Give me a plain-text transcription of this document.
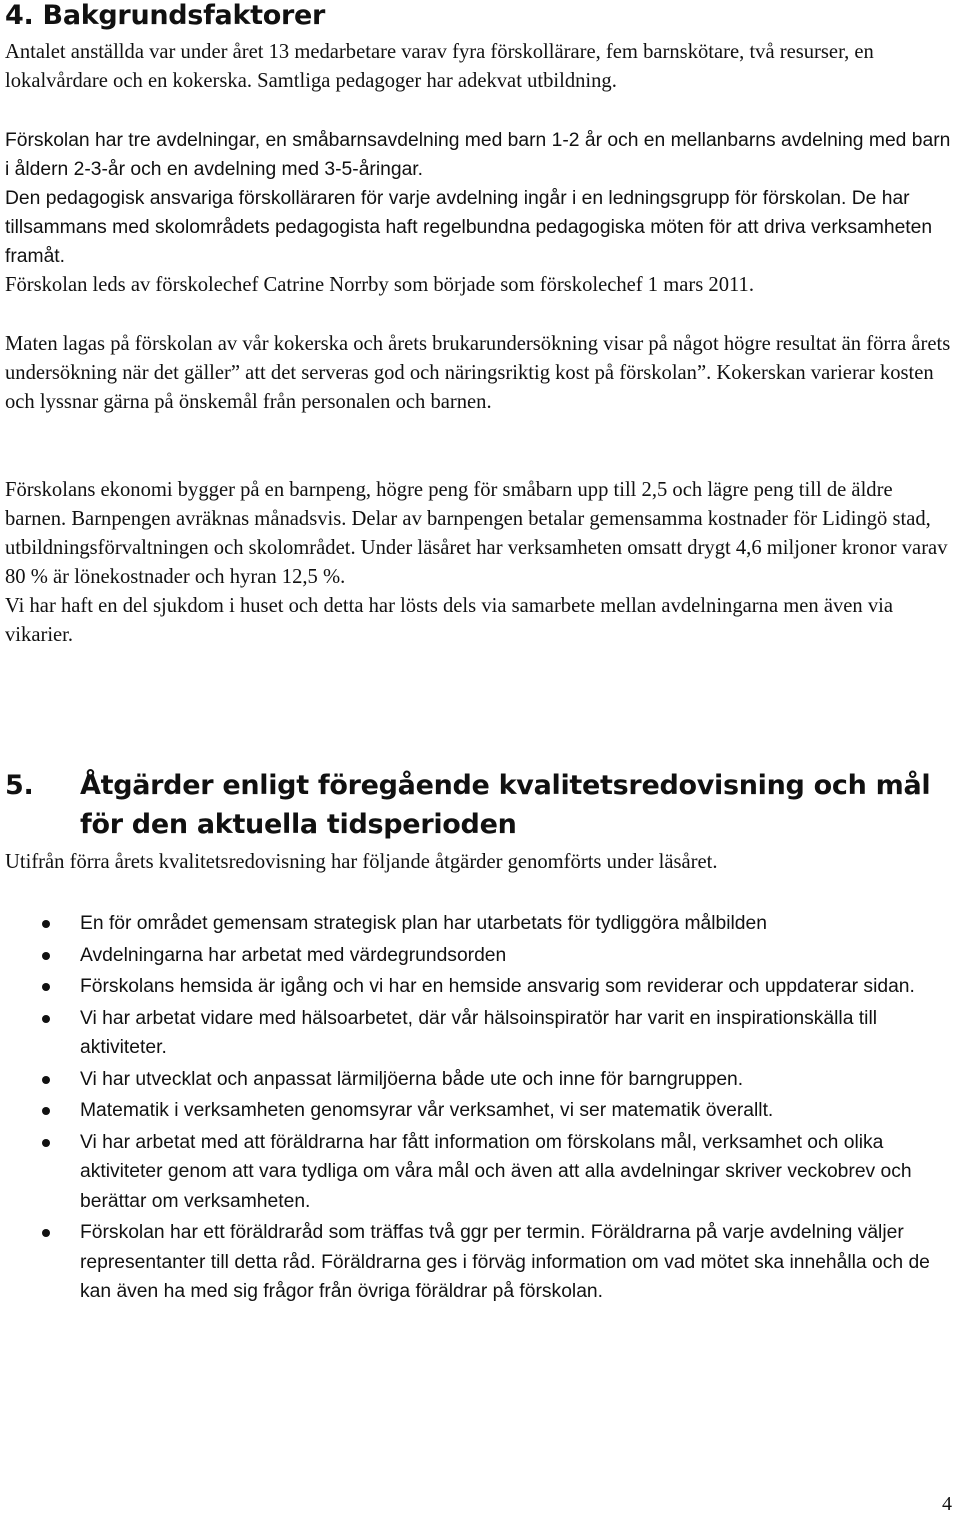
4. Bakgrundsfaktorer

Antalet anställda var under året 13 medarbetare varav fyra förskollärare, fem barnskötare, två resurser, en lokalvårdare och en kokerska. Samtliga pedagoger har adekvat utbildning.

Förskolan har tre avdelningar, en småbarnsavdelning med barn 1-2 år och en mellanbarns avdelning med barn i åldern 2-3-år och en avdelning med 3-5-åringar.

Den pedagogisk ansvariga förskolläraren för varje avdelning ingår i en ledningsgrupp för förskolan. De har tillsammans med skolområdets pedagogista haft regelbundna pedagogiska möten för att driva verksamheten framåt.

Förskolan leds av förskolechef Catrine Norrby som började som förskolechef 1 mars 2011.

Maten lagas på förskolan av vår kokerska och årets brukarundersökning visar på något högre resultat än förra årets undersökning när det gäller” att det serveras god och näringsriktig kost på förskolan”. Kokerskan varierar kosten och lyssnar gärna på önskemål från personalen och barnen.

Förskolans ekonomi bygger på en barnpeng, högre peng för småbarn upp till 2,5 och lägre peng till de äldre barnen. Barnpengen avräknas månadsvis. Delar av barnpengen betalar gemensamma kostnader för Lidingö stad, utbildningsförvaltningen och skolområdet. Under läsåret har verksamheten omsatt drygt 4,6 miljoner kronor varav 80 % är lönekostnader och hyran 12,5 %.

Vi har haft en del sjukdom i huset och detta har lösts dels via samarbete mellan avdelningarna men även via vikarier.

5. Åtgärder enligt föregående kvalitetsredovisning och mål
för den aktuella tidsperioden

Utifrån förra årets kvalitetsredovisning har följande åtgärder genomförts under läsåret.

En för området gemensam strategisk plan har utarbetats för tydliggöra målbilden
Avdelningarna har arbetat med värdegrundsorden
Förskolans hemsida är igång och vi har en hemside ansvarig som reviderar och uppdaterar sidan.
Vi har arbetat vidare med hälsoarbetet, där vår hälsoinspiratör har varit en inspirationskälla till aktiviteter.
Vi har utvecklat och anpassat lärmiljöerna både ute och inne för barngruppen.
Matematik i verksamheten genomsyrar vår verksamhet, vi ser matematik överallt.
Vi har arbetat med att föräldrarna har fått information om förskolans mål, verksamhet och olika aktiviteter genom att vara tydliga om våra mål och även att alla avdelningar skriver veckobrev och berättar om verksamheten.
Förskolan har ett föräldraråd som träffas två ggr per termin. Föräldrarna på varje avdelning väljer representanter till detta råd. Föräldrarna ges i förväg information om vad mötet ska innehålla och de kan även ha med sig frågor från övriga föräldrar på förskolan.
4
